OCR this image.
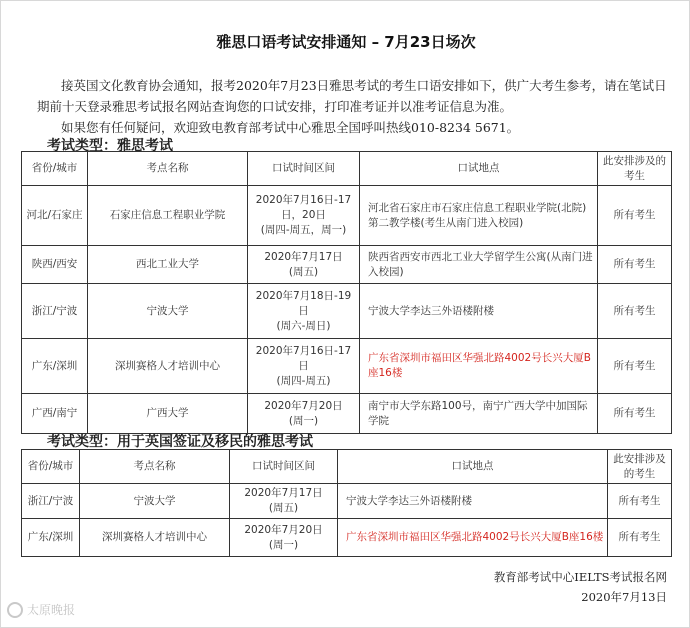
雅思口语考试安排通知 – 7月23日场次

接英国文化教育协会通知，报考2020年7月23日雅思考试的考生口语安排如下，供广大考生参考，请在笔试日期前十天登录雅思考试报名网站查询您的口试安排，打印准考证并以准考证信息为准。

如果您有任何疑问，欢迎致电教育部考试中心雅思全国呼叫热线010-8234 5671。

考试类型：雅思考试
省份/城市	考点名称	口试时间区间	口试地点	此安排涉及的考生
河北/石家庄	石家庄信息工程职业学院	2020年7月16日-17日，20日
(周四-周五，周一)	河北省石家庄市石家庄信息工程职业学院(北院)第二教学楼(考生从南门进入校园)	所有考生
陕西/西安	西北工业大学	2020年7月17日
(周五)	陕西省西安市西北工业大学留学生公寓(从南门进入校园)	所有考生
浙江/宁波	宁波大学	2020年7月18日-19日
(周六-周日)	宁波大学李达三外语楼附楼	所有考生
广东/深圳	深圳赛格人才培训中心	2020年7月16日-17日
(周四-周五)	广东省深圳市福田区华强北路4002号长兴大厦B座16楼	所有考生
广西/南宁	广西大学	2020年7月20日
(周一)	南宁市大学东路100号，南宁广西大学中加国际学院	所有考生
考试类型：用于英国签证及移民的雅思考试
省份/城市	考点名称	口试时间区间	口试地点	此安排涉及的考生
浙江/宁波	宁波大学	2020年7月17日
(周五)	宁波大学李达三外语楼附楼	所有考生
广东/深圳	深圳赛格人才培训中心	2020年7月20日
(周一)	广东省深圳市福田区华强北路4002号长兴大厦B座16楼	所有考生
教育部考试中心IELTS考试报名网
2020年7月13日
太原晚报
